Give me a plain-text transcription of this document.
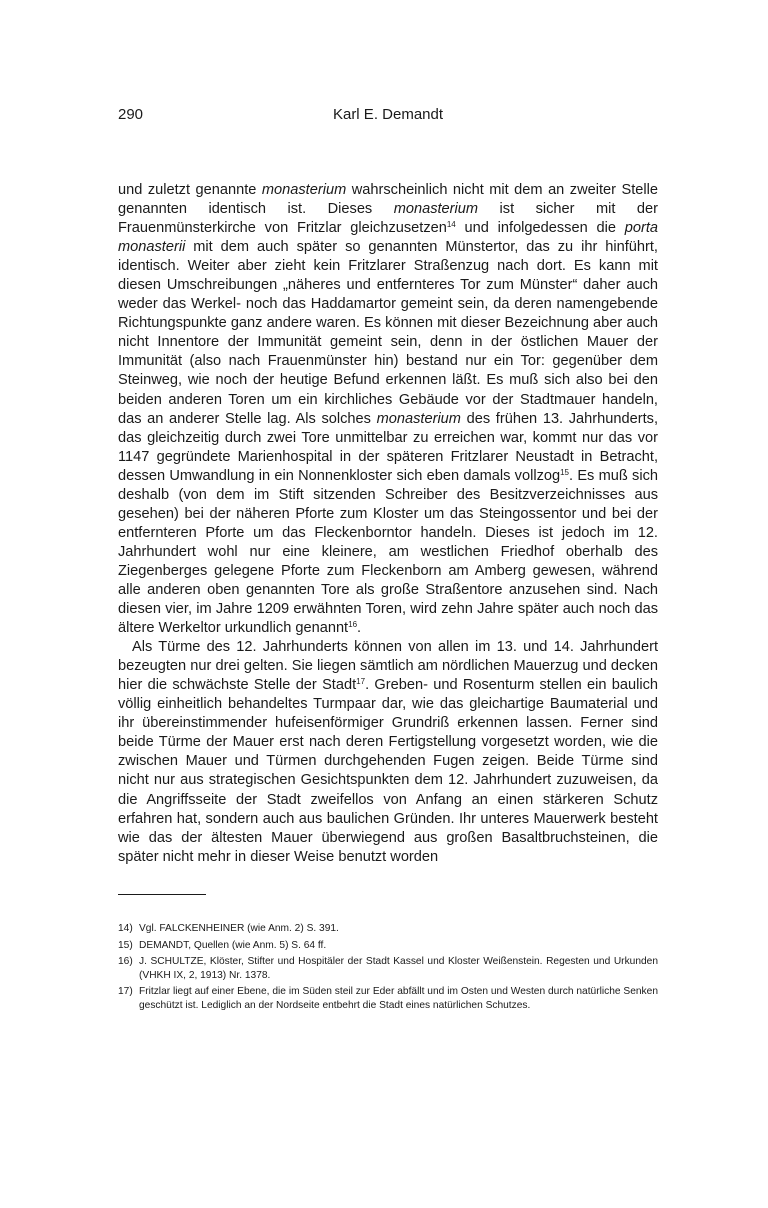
290	Karl E. Demandt

und zuletzt genannte monasterium wahrscheinlich nicht mit dem an zweiter Stelle genannten identisch ist. Dieses monasterium ist sicher mit der Frauenmünsterkirche von Fritzlar gleichzusetzen$^{14}$ und infolgedessen die porta monasterii mit dem auch später so genannten Münstertor, das zu ihr hinführt, identisch. Weiter aber zieht kein Fritzlarer Straßenzug nach dort. Es kann mit diesen Umschreibungen „näheres und entfernteres Tor zum Münster“ daher auch weder das Werkel- noch das Haddamartor gemeint sein, da deren namengebende Richtungspunkte ganz andere waren. Es können mit dieser Bezeichnung aber auch nicht Innentore der Immunität gemeint sein, denn in der östlichen Mauer der Immunität (also nach Frauenmünster hin) bestand nur ein Tor: gegenüber dem Steinweg, wie noch der heutige Befund erkennen läßt. Es muß sich also bei den beiden anderen Toren um ein kirchliches Gebäude vor der Stadtmauer handeln, das an anderer Stelle lag. Als solches monasterium des frühen 13. Jahrhunderts, das gleichzeitig durch zwei Tore unmittelbar zu erreichen war, kommt nur das vor 1147 gegründete Marienhospital in der späteren Fritzlarer Neustadt in Betracht, dessen Umwandlung in ein Nonnenkloster sich eben damals vollzog$^{15}$. Es muß sich deshalb (von dem im Stift sitzenden Schreiber des Besitzverzeichnisses aus gesehen) bei der näheren Pforte zum Kloster um das Steingossentor und bei der entfernteren Pforte um das Fleckenborntor handeln. Dieses ist jedoch im 12. Jahrhundert wohl nur eine kleinere, am westlichen Friedhof oberhalb des Ziegenberges gelegene Pforte zum Fleckenborn am Amberg gewesen, während alle anderen oben genannten Tore als große Straßentore anzusehen sind. Nach diesen vier, im Jahre 1209 erwähnten Toren, wird zehn Jahre später auch noch das ältere Werkeltor urkundlich genannt$^{16}$.

Als Türme des 12. Jahrhunderts können von allen im 13. und 14. Jahrhundert bezeugten nur drei gelten. Sie liegen sämtlich am nördlichen Mauerzug und decken hier die schwächste Stelle der Stadt$^{17}$. Greben- und Rosenturm stellen ein baulich völlig einheitlich behandeltes Turmpaar dar, wie das gleichartige Baumaterial und ihr übereinstimmender hufeisenförmiger Grundriß erkennen lassen. Ferner sind beide Türme der Mauer erst nach deren Fertigstellung vorgesetzt worden, wie die zwischen Mauer und Türmen durchgehenden Fugen zeigen. Beide Türme sind nicht nur aus strategischen Gesichtspunkten dem 12. Jahrhundert zuzuweisen, da die Angriffsseite der Stadt zweifellos von Anfang an einen stärkeren Schutz erfahren hat, sondern auch aus baulichen Gründen. Ihr unteres Mauerwerk besteht wie das der ältesten Mauer überwiegend aus großen Basaltbruchsteinen, die später nicht mehr in dieser Weise benutzt worden

14) Vgl. FALCKENHEINER (wie Anm. 2) S. 391.
15) DEMANDT, Quellen (wie Anm. 5) S. 64 ff.
16) J. SCHULTZE, Klöster, Stifter und Hospitäler der Stadt Kassel und Kloster Weißenstein. Regesten und Urkunden (VHKH IX, 2, 1913) Nr. 1378.
17) Fritzlar liegt auf einer Ebene, die im Süden steil zur Eder abfällt und im Osten und Westen durch natürliche Senken geschützt ist. Lediglich an der Nordseite entbehrt die Stadt eines natürlichen Schutzes.
